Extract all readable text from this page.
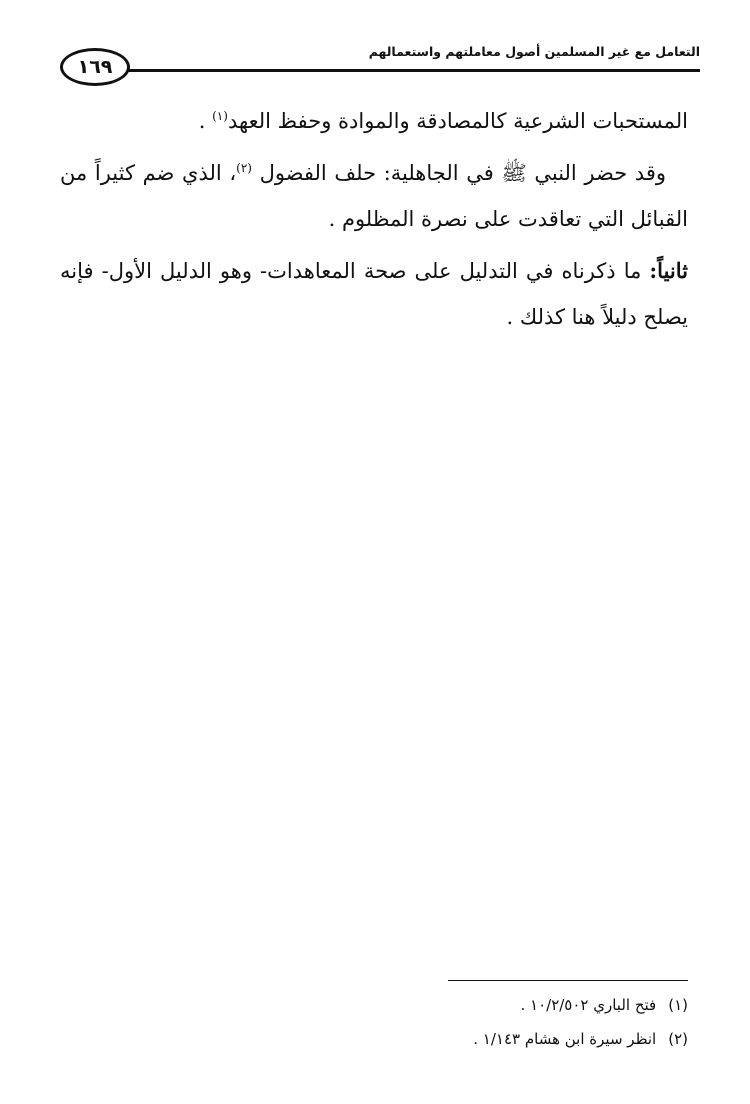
١٦٩
التعامل مع غير المسلمين أصول معاملتهم واستعمالهم

المستحبات الشرعية كالمصادقة والموادة وحفظ العهد$^{(١)}$ .

وقد حضر النبي ﷺ في الجاهلية: حلف الفضول $^{(٢)}$، الذي ضم كثيراً من القبائل التي تعاقدت على نصرة المظلوم .

ثانياً: ما ذكرناه في التدليل على صحة المعاهدات- وهو الدليل الأول- فإنه يصلح دليلاً هنا كذلك .

(١)
فتح الباري ١٠/٢/٥٠٢ .
(٢)
انظر سيرة ابن هشام ١/١٤٣ .
